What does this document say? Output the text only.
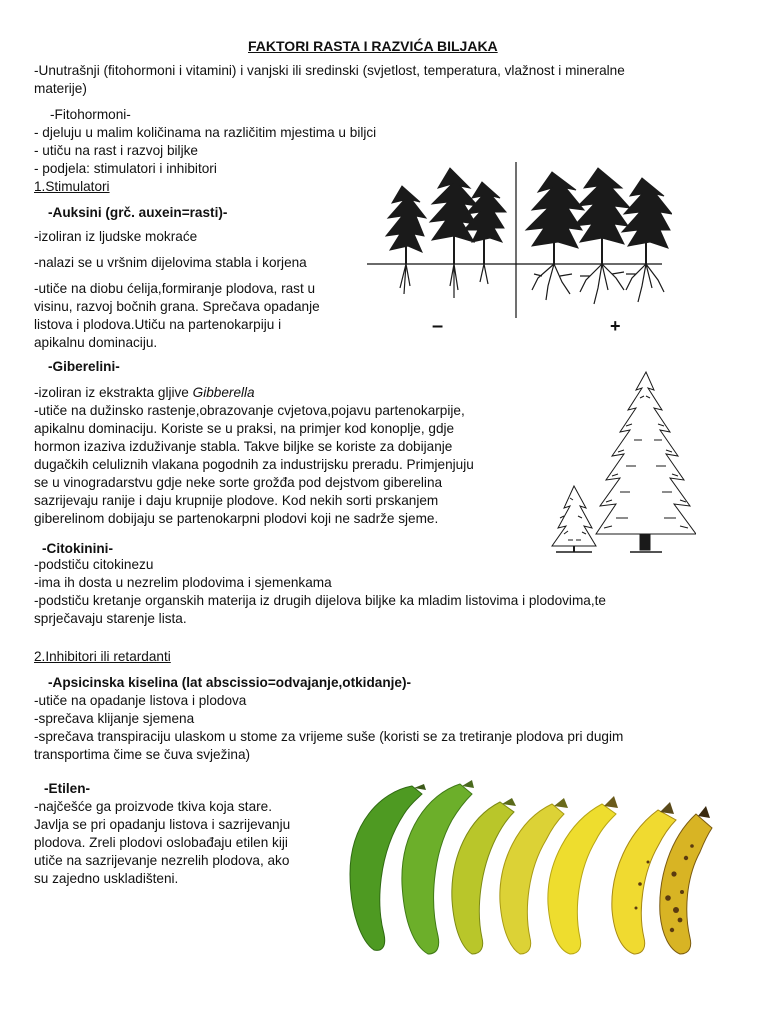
FAKTORI RASTA I RAZVIĆA BILJAKA
-Unutrašnji (fitohormoni i vitamini) i vanjski ili sredinski (svjetlost, temperatura, vlažnost i mineralne
materije)
-Fitohormoni-
- djeluju u malim količinama na različitim mjestima u biljci
- utiču na rast i razvoj biljke
- podjela: stimulatori i inhibitori
1.Stimulatori
-Auksini (grč. auxein=rasti)-
-izoliran iz ljudske mokraće
-nalazi se u vršnim dijelovima stabla i korjena
-utiče na diobu ćelija,formiranje plodova, rast u
visinu, razvoj bočnih grana. Sprečava opadanje
listova i plodova.Utiču na partenokarpiju i
apikalnu dominaciju.
–	+
-Giberelini-
-izoliran iz ekstrakta gljive Gibberella
-utiče na dužinsko rastenje,obrazovanje cvjetova,pojavu partenokarpije,
apikalnu dominaciju. Koriste se u praksi, na primjer kod konoplje, gdje
hormon izaziva izduživanje stabla. Takve biljke se koriste za dobijanje
dugačkih celuliznih vlakana pogodnih za industrijsku preradu. Primjenjuju
se u vinogradarstvu gdje neke sorte grožđa pod dejstvom giberelina
sazrijevaju ranije i daju krupnije plodove. Kod nekih sorti prskanjem
giberelinom dobijaju se partenokarpni plodovi koji ne sadrže sjeme.
-Citokinini-
-podstiču citokinezu
-ima ih dosta u nezrelim plodovima i sjemenkama
-podstiču kretanje organskih materija iz drugih dijelova biljke ka mladim listovima i plodovima,te
sprječavaju starenje lista.
2.Inhibitori ili retardanti
-Apsicinska kiselina (lat abscissio=odvajanje,otkidanje)-
-utiče na opadanje listova i plodova
-sprečava klijanje sjemena
-sprečava transpiraciju ulaskom u stome za vrijeme suše (koristi se za tretiranje plodova pri dugim
transportima čime se čuva svježina)
-Etilen-
-najčešće ga proizvode tkiva koja stare.
Javlja se pri opadanju listova i sazrijevanju
plodova. Zreli plodovi oslobađaju etilen kiji
utiče na sazrijevanje nezrelih plodova, ako
su zajedno uskladišteni.
